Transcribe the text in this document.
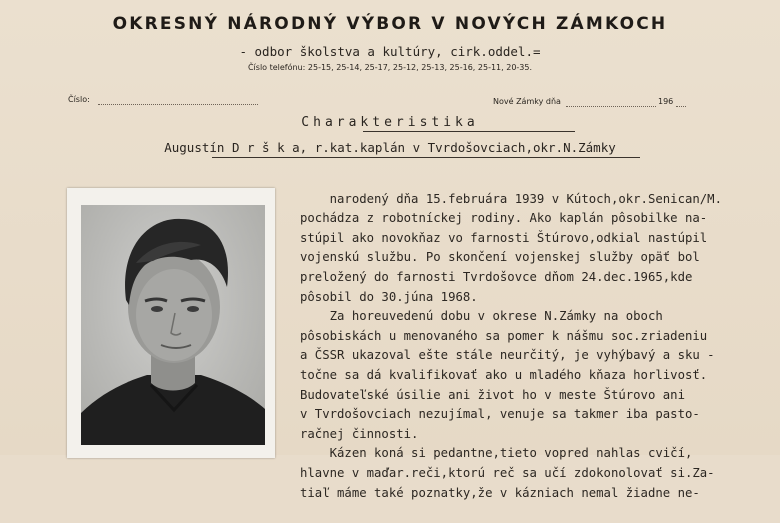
OKRESNÝ NÁRODNÝ VÝBOR V NOVÝCH ZÁMKOCH
- odbor školstva a kultúry, cirk.oddel.=
Číslo telefónu: 25-15, 25-14, 25-17, 25-12, 25-13, 25-16, 25-11, 20-35.
Číslo:	Nové Zámky dňa	196
Charakteristika
Augustín D r š k a, r.kat.kaplán v Tvrdošovciach,okr.N.Zámky

narodený dňa 15.februára 1939 v Kútoch,okr.Senican/M.
pochádza z robotníckej rodiny. Ako kaplán pôsobilke na-
stúpil ako novokňaz vo farnosti Štúrovo,odkial nastúpil
vojenskú službu. Po skončení vojenskej služby opäť bol
preložený do farnosti Tvrdošovce dňom 24.dec.1965,kde
pôsobil do 30.júna 1968.
Za horeuvedenú dobu v okrese N.Zámky na oboch
pôsobiskách u menovaného sa pomer k nášmu soc.zriadeniu
a ČSSR ukazoval ešte stále neurčitý, je vyhýbavý a sku -
točne sa dá kvalifikovať ako u mladého kňaza horlivosť.
Budovateľské úsilie ani život ho v meste Štúrovo ani
v Tvrdošovciach nezujímal, venuje sa takmer iba pasto-
račnej činnosti.
Kázen koná si pedantne,tieto vopred nahlas cvičí,
hlavne v maďar.reči,ktorú reč sa učí zdokonolovať si.Za-
tiaľ máme také poznatky,že v kázniach nemal žiadne ne-
